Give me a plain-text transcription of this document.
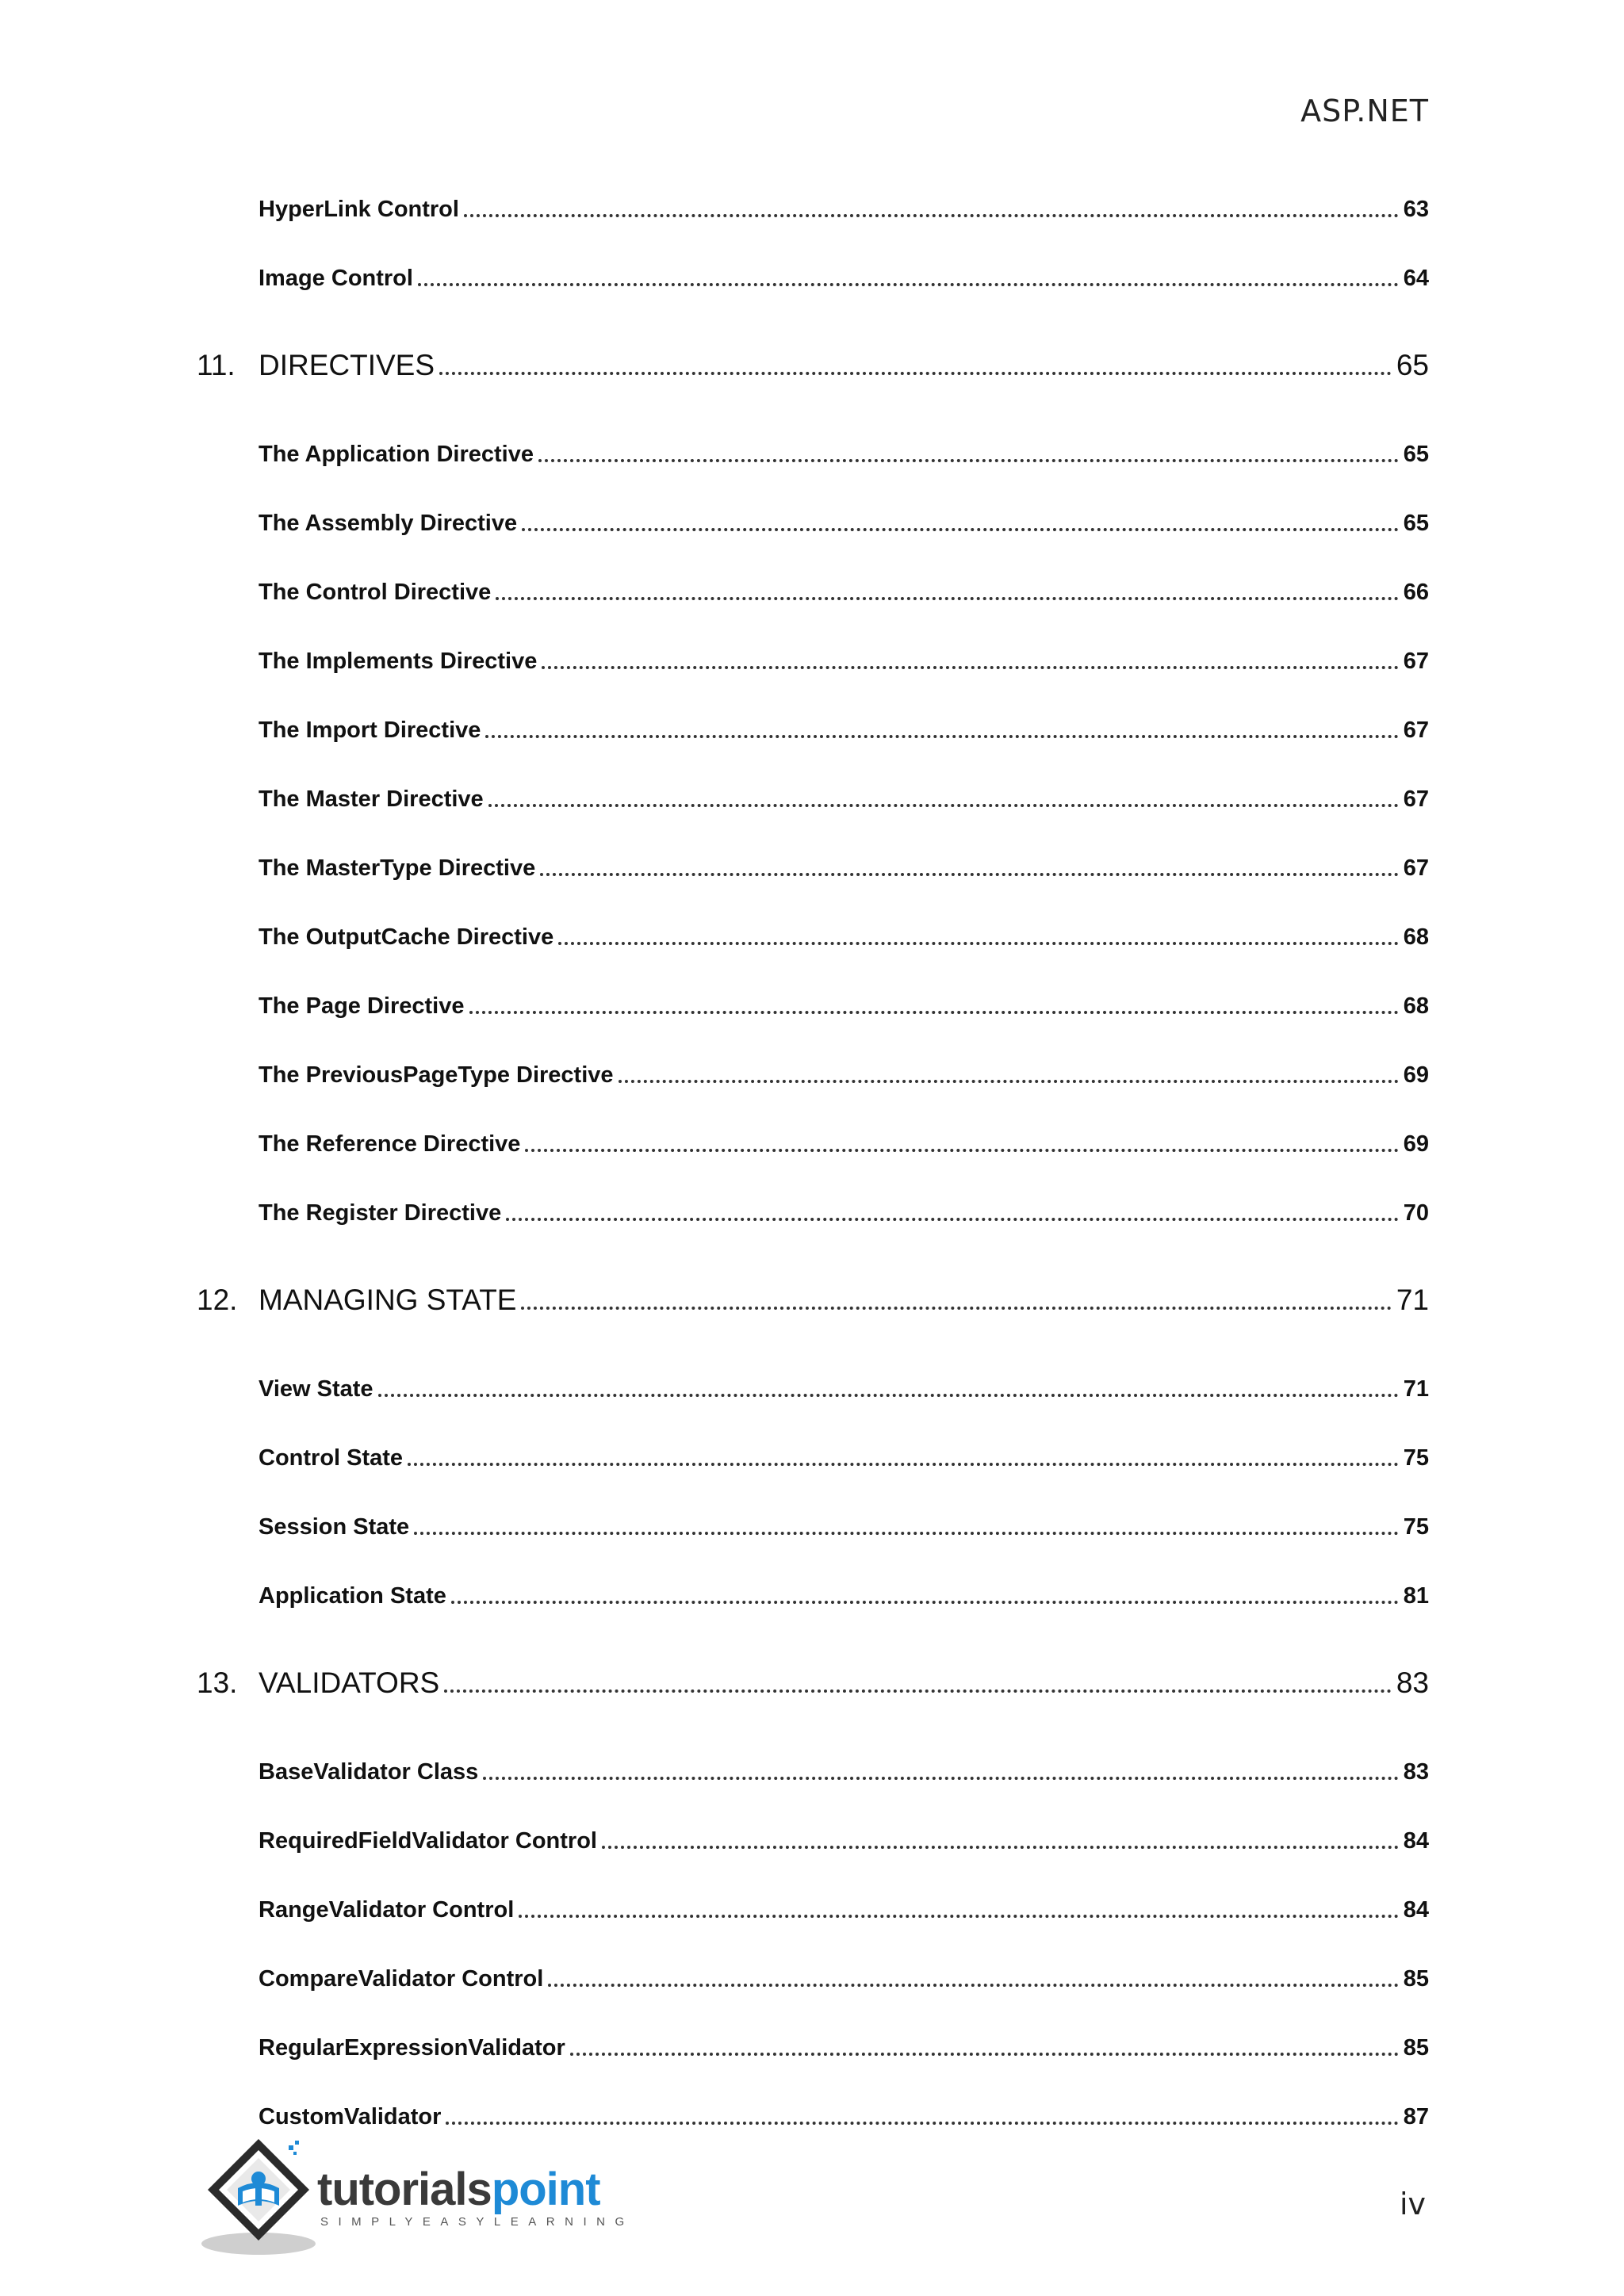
ASP.NET
HyperLink Control	63
Image Control	64
11. DIRECTIVES	65
The Application Directive	65
The Assembly Directive	65
The Control Directive	66
The Implements Directive	67
The Import Directive	67
The Master Directive	67
The MasterType Directive	67
The OutputCache Directive	68
The Page Directive	68
The PreviousPageType Directive	69
The Reference Directive	69
The Register Directive	70
12. MANAGING STATE	71
View State	71
Control State	75
Session State	75
Application State	81
13. VALIDATORS	83
BaseValidator Class	83
RequiredFieldValidator Control	84
RangeValidator Control	84
CompareValidator Control	85
RegularExpressionValidator	85
CustomValidator	87
tutorialspoint
SIMPLYEASYLEARNING
iv
